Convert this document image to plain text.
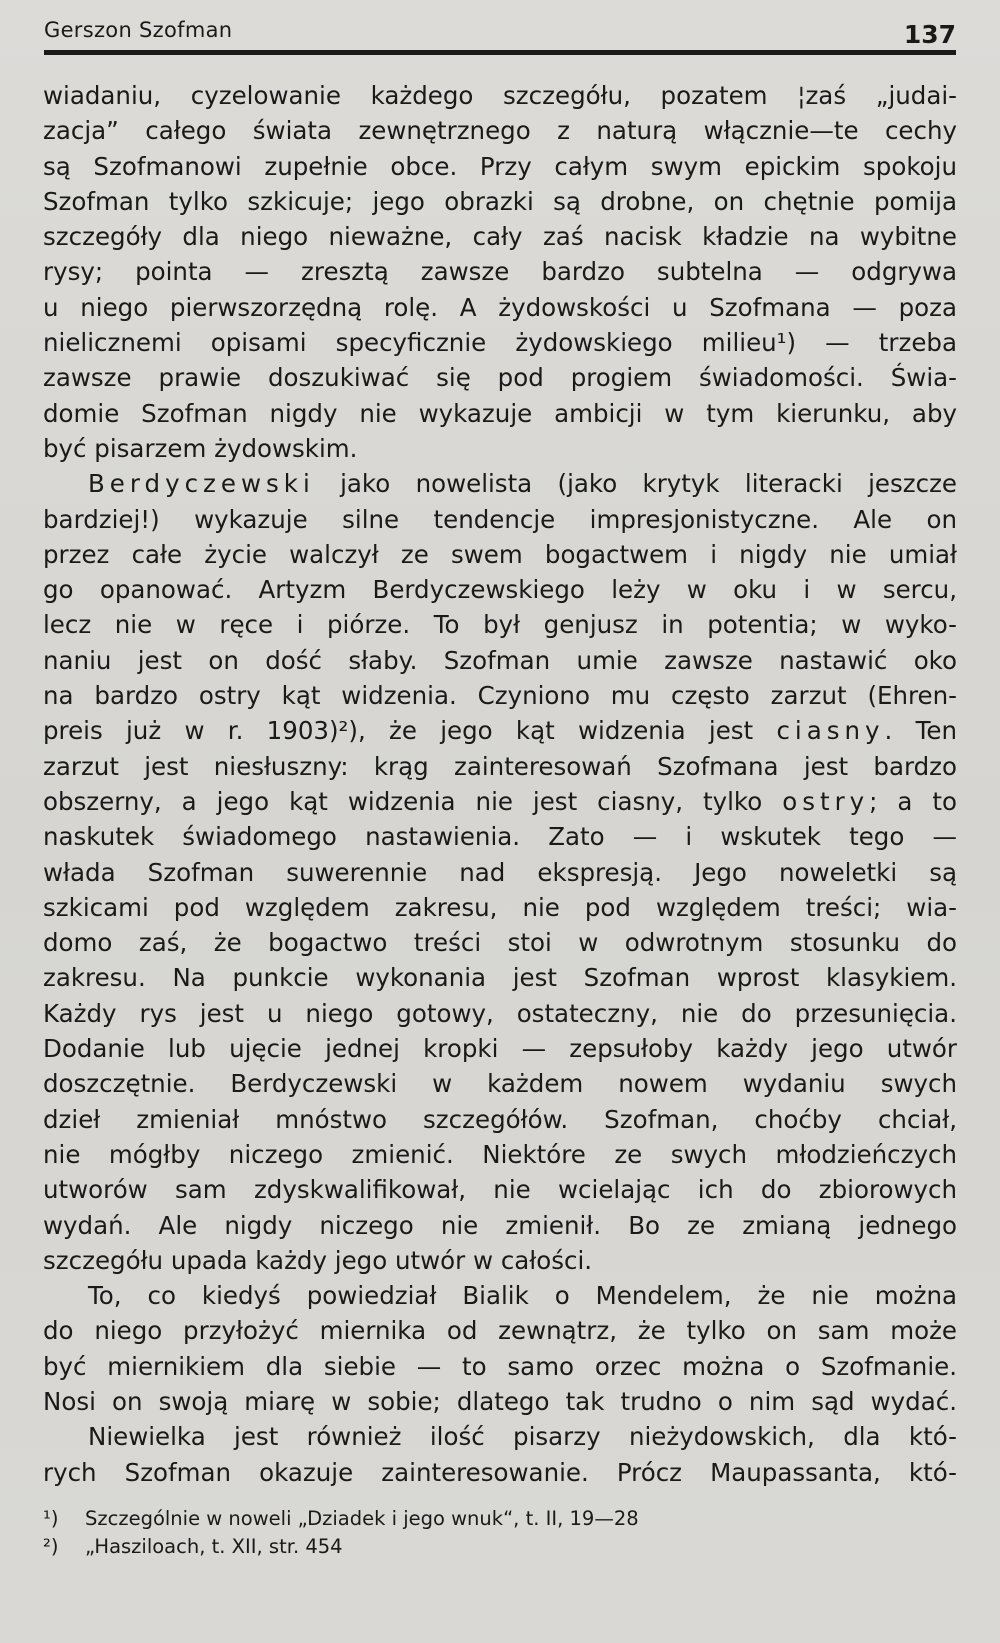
Gerszon Szofman	137
wiadaniu, cyzelowanie każdego szczegółu, pozatem ¦zaś „judai-
zacja” całego świata zewnętrznego z naturą włącznie—te cechy
są Szofmanowi zupełnie obce. Przy całym swym epickim spokoju
Szofman tylko szkicuje; jego obrazki są drobne, on chętnie pomija
szczegóły dla niego nieważne, cały zaś nacisk kładzie na wybitne
rysy; pointa — zresztą zawsze bardzo subtelna — odgrywa
u niego pierwszorzędną rolę. A żydowskości u Szofmana — poza
nielicznemi opisami specyficznie żydowskiego milieu¹) — trzeba
zawsze prawie doszukiwać się pod progiem świadomości. Świa-
domie Szofman nigdy nie wykazuje ambicji w tym kierunku, aby
być pisarzem żydowskim.
Berdyczewski jako nowelista (jako krytyk literacki jeszcze
bardziej!) wykazuje silne tendencje impresjonistyczne. Ale on
przez całe życie walczył ze swem bogactwem i nigdy nie umiał
go opanować. Artyzm Berdyczewskiego leży w oku i w sercu,
lecz nie w ręce i piórze. To był genjusz in potentia; w wyko-
naniu jest on dość słaby. Szofman umie zawsze nastawić oko
na bardzo ostry kąt widzenia. Czyniono mu często zarzut (Ehren-
preis już w r. 1903)²), że jego kąt widzenia jest ciasny. Ten
zarzut jest niesłuszny: krąg zainteresowań Szofmana jest bardzo
obszerny, a jego kąt widzenia nie jest ciasny, tylko ostry; a to
naskutek świadomego nastawienia. Zato — i wskutek tego —
włada Szofman suwerennie nad ekspresją. Jego noweletki są
szkicami pod względem zakresu, nie pod względem treści; wia-
domo zaś, że bogactwo treści stoi w odwrotnym stosunku do
zakresu. Na punkcie wykonania jest Szofman wprost klasykiem.
Każdy rys jest u niego gotowy, ostateczny, nie do przesunięcia.
Dodanie lub ujęcie jednej kropki — zepsułoby każdy jego utwór
doszczętnie. Berdyczewski w każdem nowem wydaniu swych
dzieł zmieniał mnóstwo szczegółów. Szofman, choćby chciał,
nie mógłby niczego zmienić. Niektóre ze swych młodzieńczych
utworów sam zdyskwalifikował, nie wcielając ich do zbiorowych
wydań. Ale nigdy niczego nie zmienił. Bo ze zmianą jednego
szczegółu upada każdy jego utwór w całości.
To, co kiedyś powiedział Bialik o Mendelem, że nie można
do niego przyłożyć miernika od zewnątrz, że tylko on sam może
być miernikiem dla siebie — to samo orzec można o Szofmanie.
Nosi on swoją miarę w sobie; dlatego tak trudno o nim sąd wydać.
Niewielka jest również ilość pisarzy nieżydowskich, dla któ-
rych Szofman okazuje zainteresowanie. Prócz Maupassanta, któ-
¹) Szczególnie w noweli „Dziadek i jego wnuk“, t. II, 19—28
²) „Hasziloach, t. XII, str. 454
